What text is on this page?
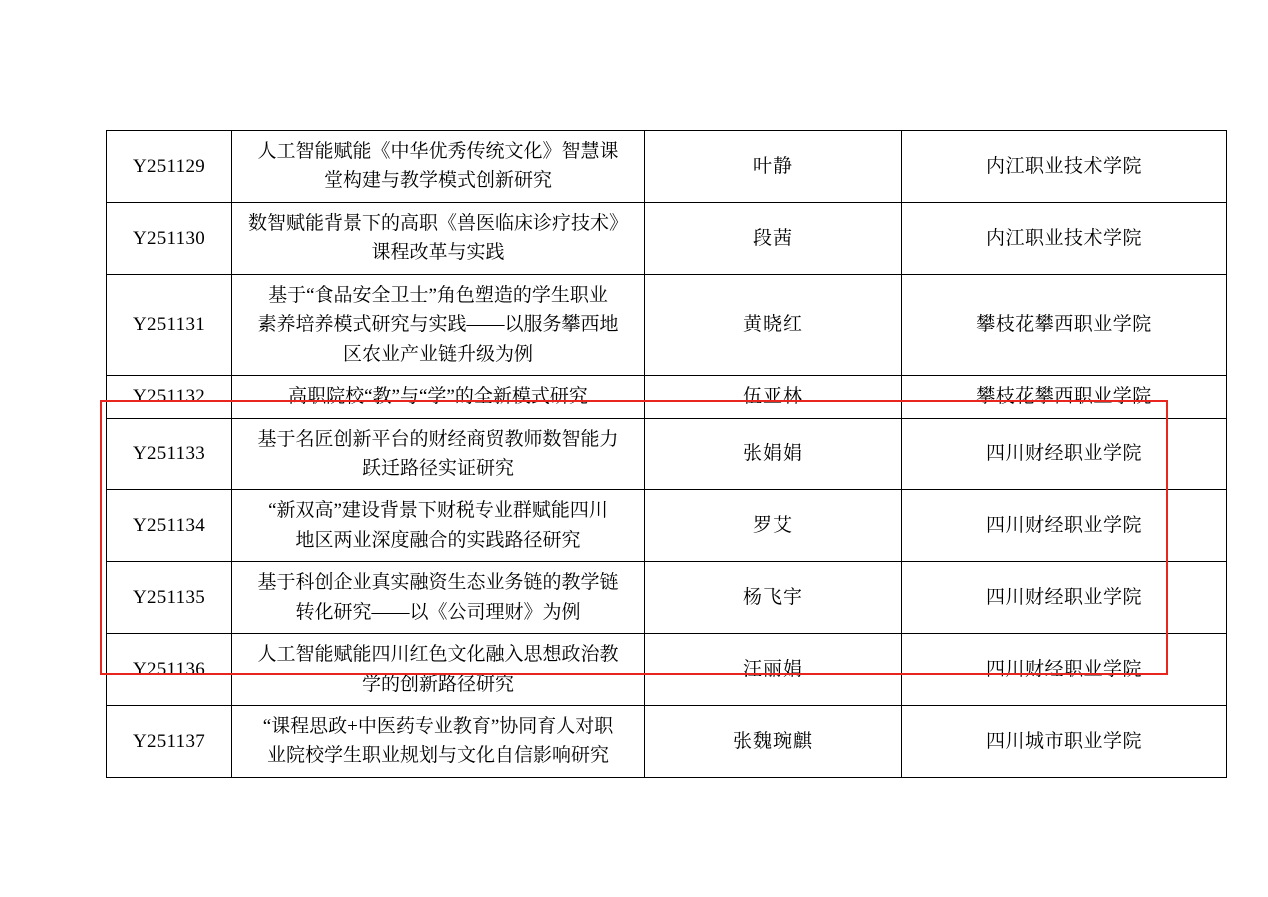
Y251129	人工智能赋能《中华优秀传统文化》智慧课
堂构建与教学模式创新研究	叶静	内江职业技术学院
Y251130	数智赋能背景下的高职《兽医临床诊疗技术》
课程改革与实践	段茜	内江职业技术学院
Y251131	基于“食品安全卫士”角色塑造的学生职业
素养培养模式研究与实践——以服务攀西地
区农业产业链升级为例	黄晓红	攀枝花攀西职业学院
Y251132	高职院校“教”与“学”的全新模式研究	伍亚林	攀枝花攀西职业学院
Y251133	基于名匠创新平台的财经商贸教师数智能力
跃迁路径实证研究	张娟娟	四川财经职业学院
Y251134	“新双高”建设背景下财税专业群赋能四川
地区两业深度融合的实践路径研究	罗艾	四川财经职业学院
Y251135	基于科创企业真实融资生态业务链的教学链
转化研究——以《公司理财》为例	杨飞宇	四川财经职业学院
Y251136	人工智能赋能四川红色文化融入思想政治教
学的创新路径研究	汪丽娟	四川财经职业学院
Y251137	“课程思政+中医药专业教育”协同育人对职
业院校学生职业规划与文化自信影响研究	张魏琬麒	四川城市职业学院
